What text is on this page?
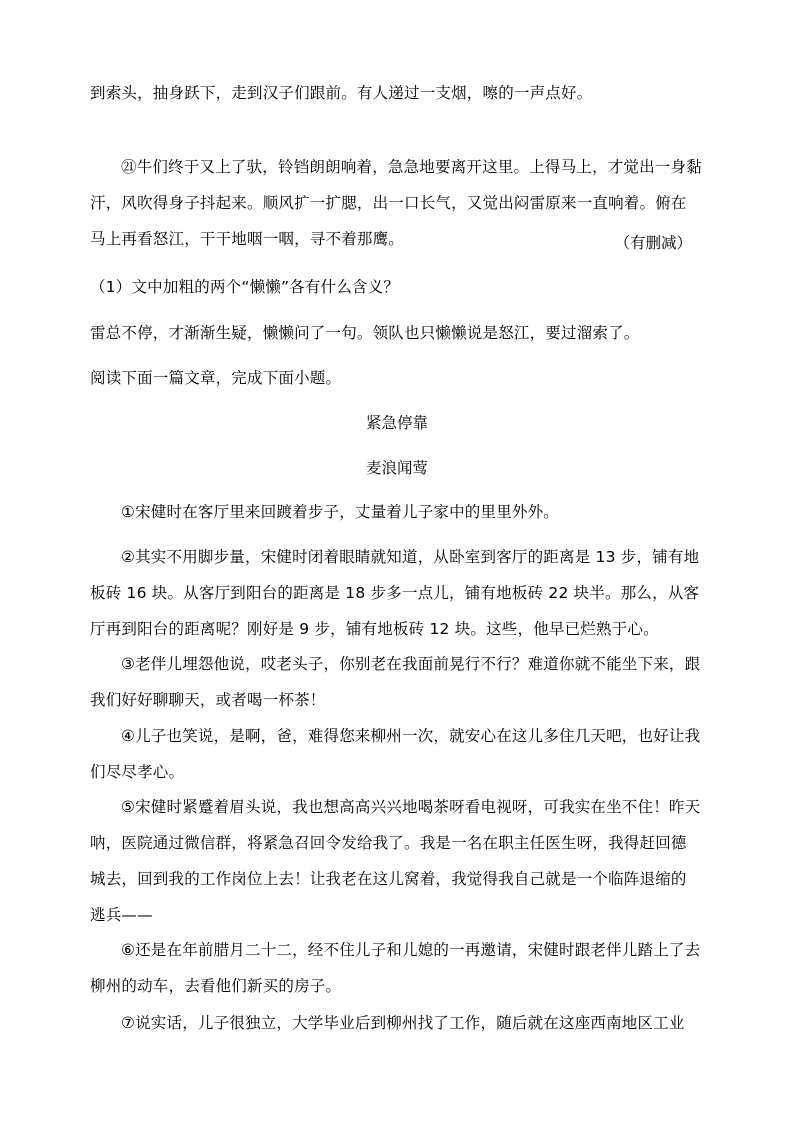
到索头，抽身跃下，走到汉子们跟前。有人递过一支烟，嚓的一声点好。
㉑牛们终于又上了驮，铃铛朗朗响着，急急地要离开这里。上得马上，才觉出一身黏汗，风吹得身子抖起来。顺风扩一扩腮，出一口长气，又觉出闷雷原来一直响着。俯在马上再看怒江，干干地咽一咽，寻不着那鹰。	（有删减）
（1）文中加粗的两个“懒懒”各有什么含义？
雷总不停，才渐渐生疑，懒懒问了一句。领队也只懒懒说是怒江，要过溜索了。
阅读下面一篇文章，完成下面小题。
紧急停靠
麦浪闻莺
①宋健时在客厅里来回踱着步子，丈量着儿子家中的里里外外。
②其实不用脚步量，宋健时闭着眼睛就知道，从卧室到客厅的距离是 13 步，铺有地板砖 16 块。从客厅到阳台的距离是 18 步多一点儿，铺有地板砖 22 块半。那么，从客厅再到阳台的距离呢？刚好是 9 步，铺有地板砖 12 块。这些，他早已烂熟于心。
③老伴儿埋怨他说，哎老头子，你别老在我面前晃行不行？难道你就不能坐下来，跟我们好好聊聊天，或者喝一杯茶！
④儿子也笑说，是啊，爸，难得您来柳州一次，就安心在这儿多住几天吧，也好让我们尽尽孝心。
⑤宋健时紧蹙着眉头说，我也想高高兴兴地喝茶呀看电视呀，可我实在坐不住！昨天呐，医院通过微信群，将紧急召回令发给我了。我是一名在职主任医生呀，我得赶回德城去，回到我的工作岗位上去！让我老在这儿窝着，我觉得我自己就是一个临阵退缩的逃兵——
⑥还是在年前腊月二十二，经不住儿子和儿媳的一再邀请，宋健时跟老伴儿踏上了去柳州的动车，去看他们新买的房子。
⑦说实话，儿子很独立，大学毕业后到柳州找了工作，随后就在这座西南地区工业
